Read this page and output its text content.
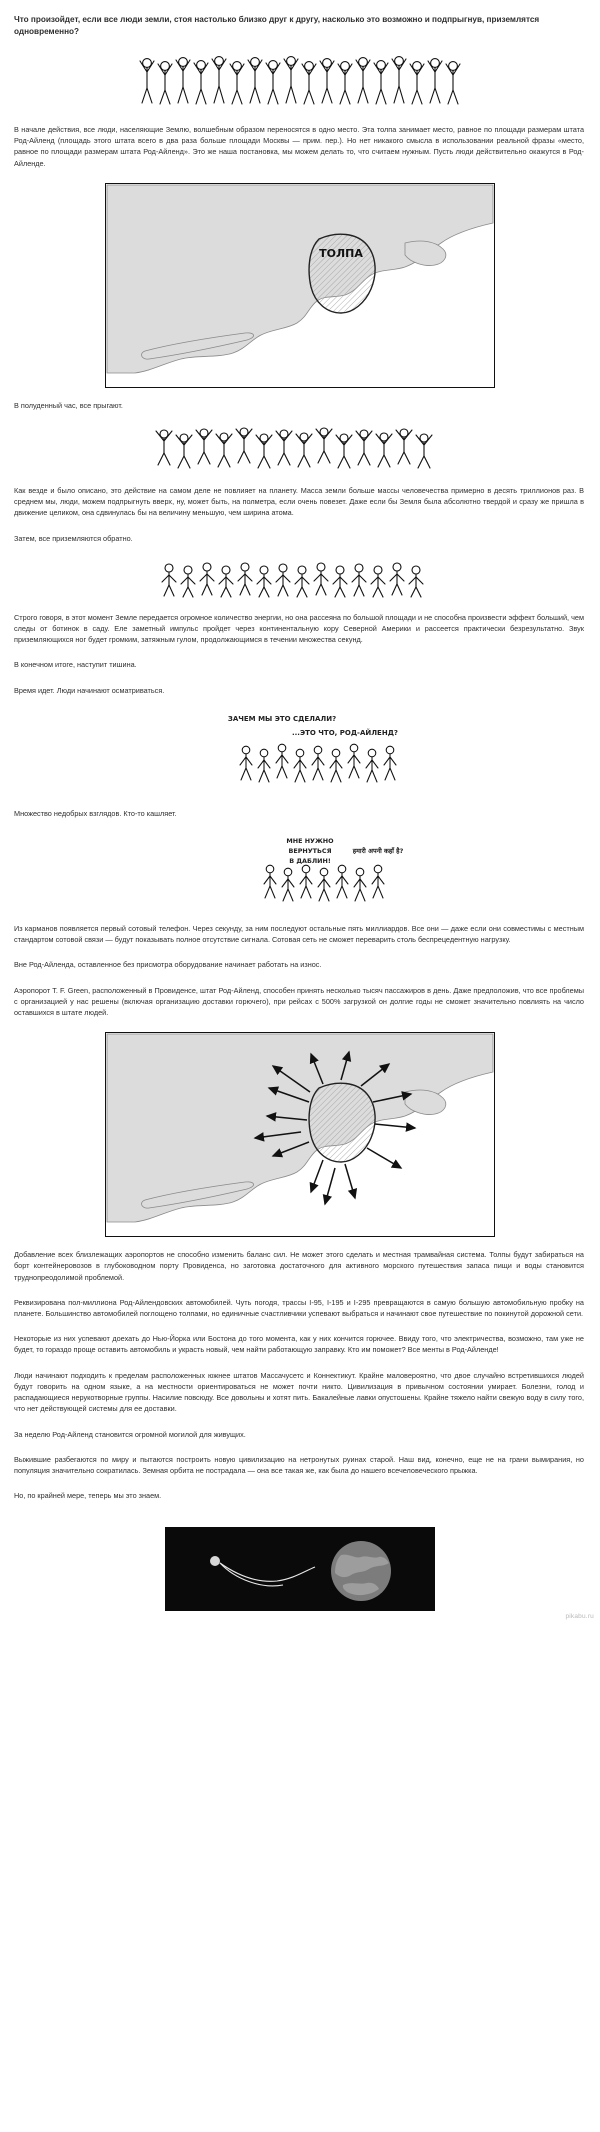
Что произойдет, если все люди земли, стоя настолько близко друг к другу, насколько это возможно и подпрыгнув, приземлятся одновременно?

В начале действия, все люди, населяющие Землю, волшебным образом переносятся в одно место. Эта толпа занимает место, равное по площади размерам штата Род-Айленд (площадь этого штата всего в два раза больше площади Москвы — прим. пер.). Но нет никакого смысла в использовании реальной фразы «место, равное по площади размерам штата Род-Айленд». Это же наша постановка, мы можем делать то, что считаем нужным. Пусть люди действительно окажутся в Род-Айленде.

ТОЛПА

В полуденный час, все прыгают.

Как везде и было описано, это действие на самом деле не повлияет на планету. Масса земли больше массы человечества примерно в десять триллионов раз. В среднем мы, люди, можем подпрыгнуть вверх, ну, может быть, на полметра, если очень повезет. Даже если бы Земля была абсолютно твердой и сразу же пришла в движение целиком, она сдвинулась бы на величину меньшую, чем ширина атома.

Затем, все приземляются обратно.

Строго говоря, в этот момент Земле передается огромное количество энергии, но она рассеяна по большой площади и не способна произвести эффект больший, чем следы от ботинок в саду. Еле заметный импульс пройдет через континентальную кору Северной Америки и рассеется практически безрезультатно. Звук приземляющихся ног будет громким, затяжным гулом, продолжающимся в течении множества секунд.

В конечном итоге, наступит тишина.

Время идет. Люди начинают осматриваться.

ЗАЧЕМ МЫ ЭТО СДЕЛАЛИ?
...ЭТО ЧТО, РОД-АЙЛЕНД?

Множество недобрых взглядов. Кто-то кашляет.

МНЕ НУЖНО
ВЕРНУТЬСЯ
В ДАБЛИН!
हमारी अपनी कहाँ है?

Из карманов появляется первый сотовый телефон. Через секунду, за ним последуют остальные пять миллиардов. Все они — даже если они совместимы с местным стандартом сотовой связи — будут показывать полное отсутствие сигнала. Сотовая сеть не сможет переварить столь беспрецедентную нагрузку.

Вне Род-Айленда, оставленное без присмотра оборудование начинает работать на износ.

Аэропорот T. F. Green, расположенный в Провиденсе, штат Род-Айленд, способен принять несколько тысяч пассажиров в день. Даже предположив, что все проблемы с организацией у нас решены (включая организацию доставки горючего), при рейсах с 500% загрузкой он долгие годы не сможет значительно повлиять на число оставшихся в штате людей.

Добавление всех близлежащих аэропортов не способно изменить баланс сил. Не может этого сделать и местная трамвайная система. Толпы будут забираться на борт контейнеровозов в глубоководном порту Провиденса, но заготовка достаточного для активного морского путешествия запаса пищи и воды становится труднопреодолимой проблемой.

Реквизирована пол-миллиона Род-Айлендовских автомобилей. Чуть погодя, трассы I-95, I-195 и I-295 превращаются в самую большую автомобильную пробку на планете. Большинство автомобилей поглощено толпами, но единичные счастливчики успевают выбраться и начинают свое путешествие по покинутой дорожной сети.

Некоторые из них успевают доехать до Нью-Йорка или Бостона до того момента, как у них кончится горючее. Ввиду того, что электричества, возможно, там уже не будет, то гораздо проще оставить автомобиль и украсть новый, чем найти работающую заправку. Кто им поможет? Все менты в Род-Айленде!

Люди начинают подходить к пределам расположенных южнее штатов Массачусетс и Коннектикут. Крайне маловероятно, что двое случайно встретившихся людей будут говорить на одном языке, а на местности ориентироваться не может почти никто. Цивилизация в привычном состоянии умирает. Болезни, голод и распадающиеся нерукотворные группы. Насилие повсюду. Все довольны и хотят пить. Бакалейные лавки опустошены. Крайне тяжело найти свежую воду в силу того, что нет действующей системы для ее доставки.

За неделю Род-Айленд становится огромной могилой для живущих.

Выжившие разбегаются по миру и пытаются построить новую цивилизацию на нетронутых руинах старой. Наш вид, конечно, еще не на грани вымирания, но популяция значительно сократилась. Земная орбита не пострадала — она все такая же, как была до нашего всечеловеческого прыжка.

Но, по крайней мере, теперь мы это знаем.

pikabu.ru
